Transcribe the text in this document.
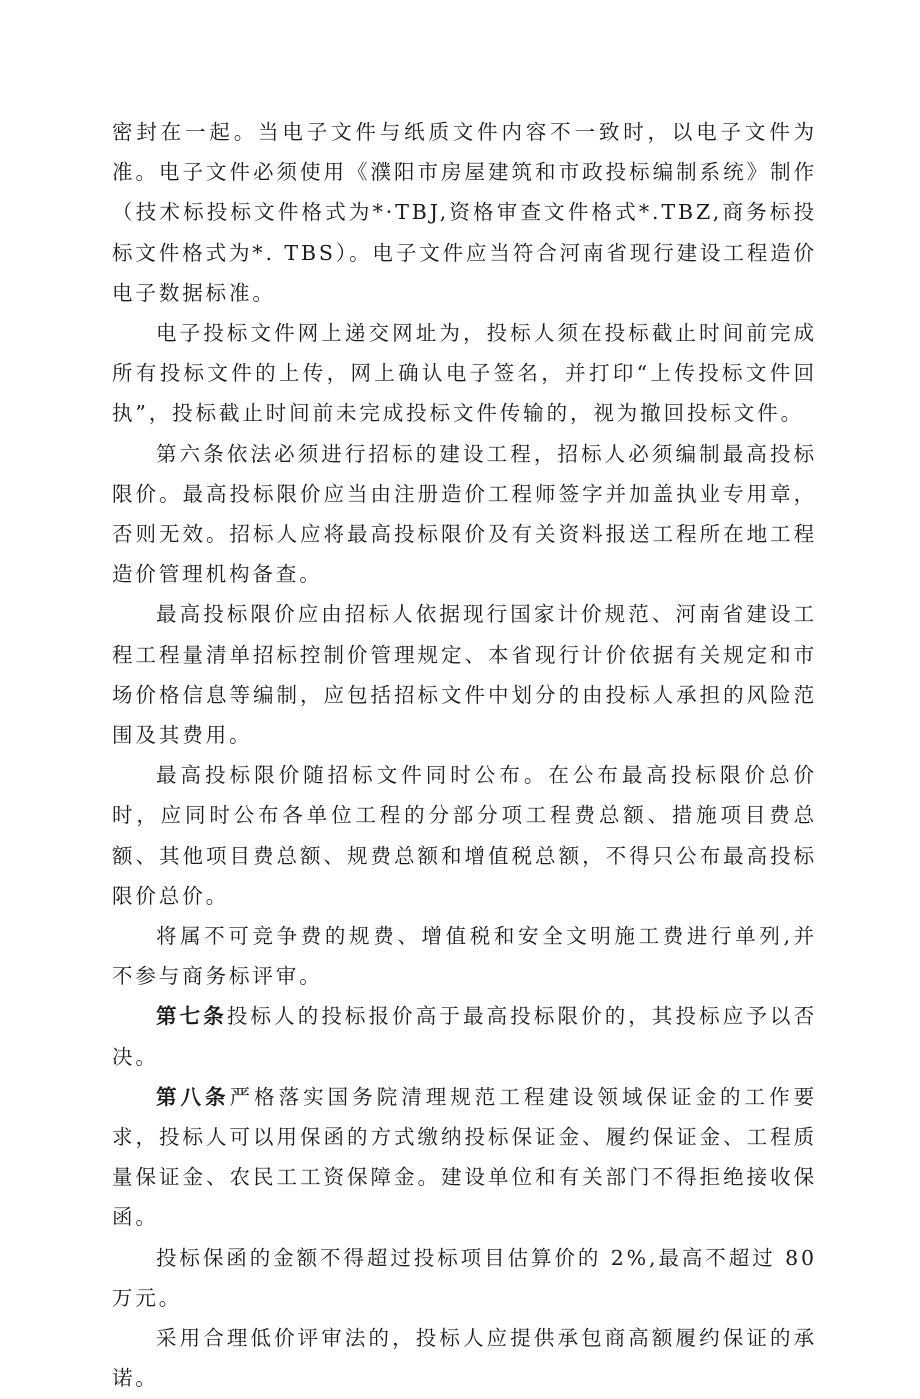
密封在一起。当电子文件与纸质文件内容不一致时，以电子文件为准。电子文件必须使用《濮阳市房屋建筑和市政投标编制系统》制作（技术标投标文件格式为*·TBJ,资格审查文件格式*.TBZ,商务标投标文件格式为*. TBS）。电子文件应当符合河南省现行建设工程造价电子数据标准。

电子投标文件网上递交网址为，投标人须在投标截止时间前完成所有投标文件的上传，网上确认电子签名，并打印“上传投标文件回执”，投标截止时间前未完成投标文件传输的，视为撤回投标文件。

第六条依法必须进行招标的建设工程，招标人必须编制最高投标限价。最高投标限价应当由注册造价工程师签字并加盖执业专用章，否则无效。招标人应将最高投标限价及有关资料报送工程所在地工程造价管理机构备查。

最高投标限价应由招标人依据现行国家计价规范、河南省建设工程工程量清单招标控制价管理规定、本省现行计价依据有关规定和市场价格信息等编制，应包括招标文件中划分的由投标人承担的风险范围及其费用。

最高投标限价随招标文件同时公布。在公布最高投标限价总价时，应同时公布各单位工程的分部分项工程费总额、措施项目费总额、其他项目费总额、规费总额和增值税总额，不得只公布最高投标限价总价。

将属不可竞争费的规费、增值税和安全文明施工费进行单列,并不参与商务标评审。

第七条投标人的投标报价高于最高投标限价的，其投标应予以否决。

第八条严格落实国务院清理规范工程建设领域保证金的工作要求，投标人可以用保函的方式缴纳投标保证金、履约保证金、工程质量保证金、农民工工资保障金。建设单位和有关部门不得拒绝接收保函。

投标保函的金额不得超过投标项目估算价的 2%,最高不超过 80 万元。

采用合理低价评审法的，投标人应提供承包商高额履约保证的承诺。
